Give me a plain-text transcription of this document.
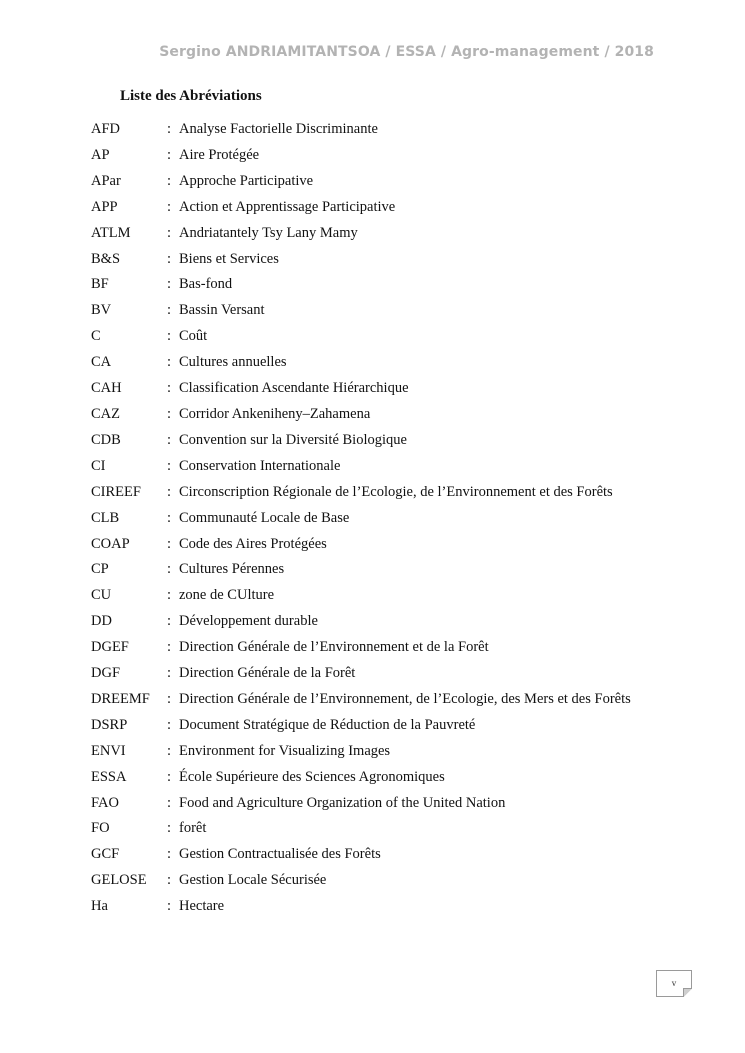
Sergino ANDRIAMITANTSOA / ESSA / Agro-management / 2018
Liste des Abréviations
AFD	: Analyse Factorielle Discriminante
AP	: Aire Protégée
APar	: Approche Participative
APP	: Action et Apprentissage Participative
ATLM	: Andriatantely Tsy Lany Mamy
B&S	: Biens et Services
BF	: Bas-fond
BV	: Bassin Versant
C	: Coût
CA	: Cultures annuelles
CAH	: Classification Ascendante Hiérarchique
CAZ	: Corridor Ankeniheny–Zahamena
CDB	: Convention sur la Diversité Biologique
CI	: Conservation Internationale
CIREEF	: Circonscription Régionale de l’Ecologie, de l’Environnement et des Forêts
CLB	: Communauté Locale de Base
COAP	: Code des Aires Protégées
CP	: Cultures Pérennes
CU	: zone de CUlture
DD	: Développement durable
DGEF	: Direction Générale de l’Environnement et de la Forêt
DGF	: Direction Générale de la Forêt
DREEMF	: Direction Générale de l’Environnement, de l’Ecologie, des Mers et des Forêts
DSRP	: Document Stratégique de Réduction de la Pauvreté
ENVI	: Environment for Visualizing Images
ESSA	: École Supérieure des Sciences Agronomiques
FAO	: Food and Agriculture Organization of the United Nation
FO	: forêt
GCF	: Gestion Contractualisée des Forêts
GELOSE	: Gestion Locale Sécurisée
Ha	: Hectare
v
